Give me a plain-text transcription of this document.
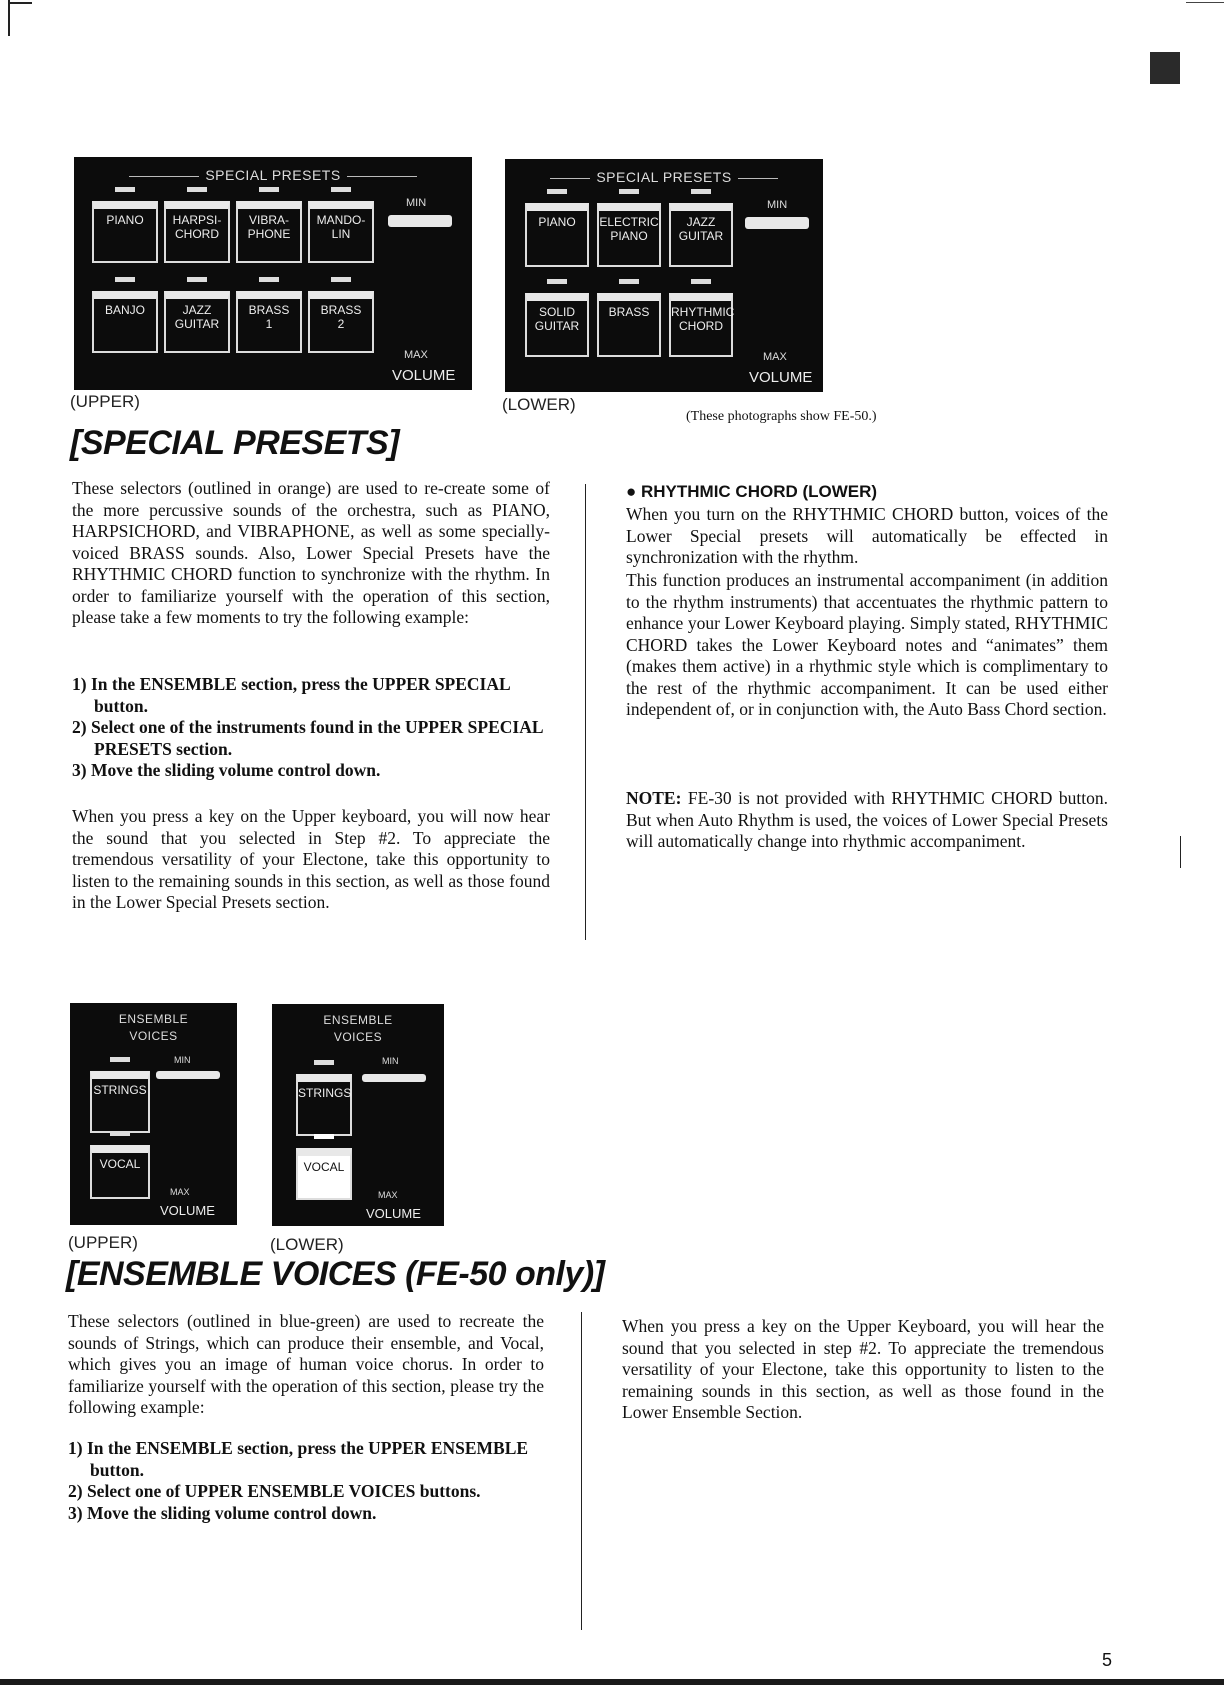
SPECIAL PRESETS
PIANO	HARPSI-
CHORD
VIBRA-
PHONE
MANDO-
LIN
BANJO	JAZZ
GUITAR
BRASS
1
BRASS
2
MIN
MAX
VOLUME
(UPPER)
SPECIAL PRESETS
PIANO	ELECTRIC
PIANO
JAZZ
GUITAR
SOLID
GUITAR
BRASS	RHYTHMIC
CHORD
MIN
MAX
VOLUME
(LOWER)
(These photographs show FE-50.)
[SPECIAL PRESETS]

These selectors (outlined in orange) are used to re-create some of the more percussive sounds of the orchestra, such as PIANO, HARPSICHORD, and VIBRAPHONE, as well as some specially-voiced BRASS sounds. Also, Lower Special Presets have the RHYTHMIC CHORD function to synchronize with the rhythm. In order to familiarize yourself with the operation of this section, please take a few moments to try the following example:

1) In the ENSEMBLE section, press the UPPER SPECIAL button.
2) Select one of the instruments found in the UPPER SPECIAL PRESETS section.
3) Move the sliding volume control down.

When you press a key on the Upper keyboard, you will now hear the sound that you selected in Step #2. To appreciate the tremendous versatility of your Electone, take this opportunity to listen to the remaining sounds in this section, as well as those found in the Lower Special Presets section.

● RHYTHMIC CHORD (LOWER)

When you turn on the RHYTHMIC CHORD button, voices of the Lower Special presets will automatically be effected in synchronization with the rhythm.

This function produces an instrumental accompaniment (in addition to the rhythm instruments) that accentuates the rhythmic pattern to enhance your Lower Keyboard playing. Simply stated, RHYTHMIC CHORD takes the Lower Keyboard notes and “animates” them (makes them active) in a rhythmic style which is complimentary to the rest of the rhythmic accompaniment. It can be used either independent of, or in conjunction with, the Auto Bass Chord section.

NOTE: FE-30 is not provided with RHYTHMIC CHORD button. But when Auto Rhythm is used, the voices of Lower Special Presets will automatically change into rhythmic accompaniment.

ENSEMBLE
VOICES
STRINGS
VOCAL
MIN
MAX
VOLUME
(UPPER)
ENSEMBLE
VOICES
STRINGS
VOCAL
MIN
MAX
VOLUME
(LOWER)
[ENSEMBLE VOICES (FE-50 only)]

These selectors (outlined in blue-green) are used to recreate the sounds of Strings, which can produce their ensemble, and Vocal, which gives you an image of human voice chorus. In order to familiarize yourself with the operation of this section, please try the following example:

1) In the ENSEMBLE section, press the UPPER ENSEMBLE button.
2) Select one of UPPER ENSEMBLE VOICES buttons.
3) Move the sliding volume control down.

When you press a key on the Upper Keyboard, you will hear the sound that you selected in step #2. To appreciate the tremendous versatility of your Electone, take this opportunity to listen to the remaining sounds in this section, as well as those found in the Lower Ensemble Section.

5
